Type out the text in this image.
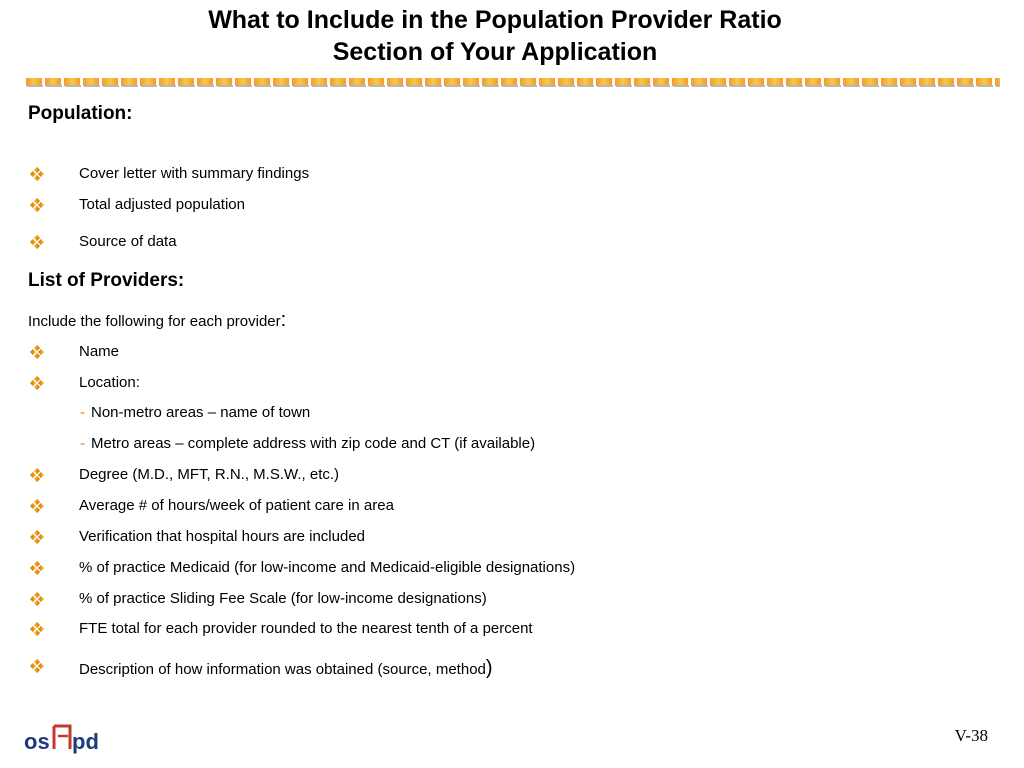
What to Include in the Population Provider Ratio
Section of Your Application
Population:
Cover letter with summary findings
Total adjusted population
Source of data
List of Providers:
Include the following for each provider:
Name
Location:
- Non-metro areas – name of town
- Metro areas – complete address with zip code and CT (if available)
Degree (M.D., MFT, R.N., M.S.W., etc.)
Average # of hours/week of patient care in area
Verification that hospital hours are included
% of practice Medicaid (for low-income and Medicaid-eligible designations)
% of practice Sliding Fee Scale (for low-income designations)
FTE total for each provider rounded to the nearest tenth of a percent
Description of how information was obtained (source, method)
os pd	V-38
